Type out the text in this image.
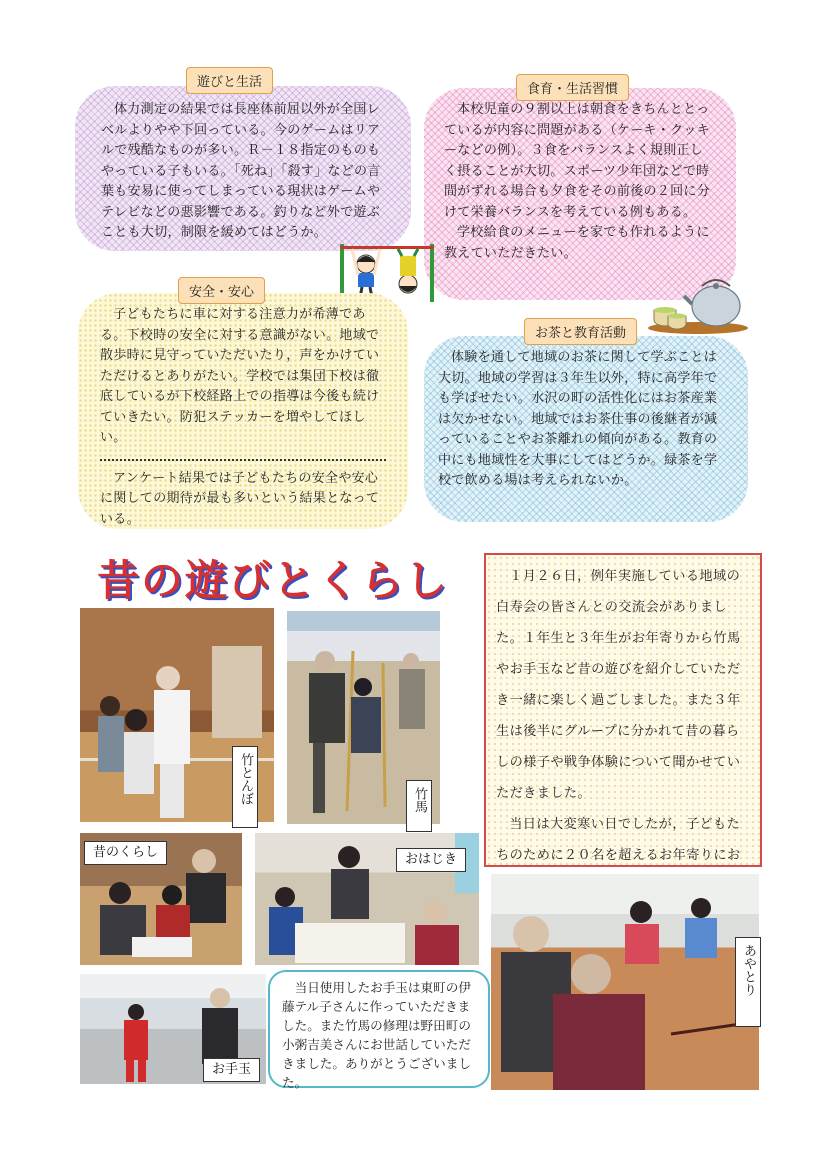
体力測定の結果では長座体前屈以外が全国レベルよりやや下回っている。今のゲームはリアルで残酷なものが多い。Ｒ－１８指定のものもやっている子もいる。「死ね」「殺す」などの言葉も安易に使ってしまっている現状はゲームやテレビなどの悪影響である。釣りなど外で遊ぶことも大切，制限を緩めてはどうか。

遊びと生活

本校児童の９割以上は朝食をきちんととっているが内容に問題がある（ケーキ・クッキーなどの例）。３食をバランスよく規則正しく摂ることが大切。スポーツ少年団などで時間がずれる場合も夕食をその前後の２回に分けて栄養バランスを考えている例もある。

学校給食のメニューを家でも作れるように教えていただきたい。

食育・生活習慣

子どもたちに車に対する注意力が希薄である。下校時の安全に対する意識がない。地域で散歩時に見守っていただいたり，声をかけていただけるとありがたい。学校では集団下校は徹底しているが下校経路上での指導は今後も続けていきたい。防犯ステッカーを増やしてほしい。

アンケート結果では子どもたちの安全や安心に関しての期待が最も多いという結果となっている。

安全・安心

体験を通して地域のお茶に関して学ぶことは大切。地域の学習は３年生以外，特に高学年でも学ばせたい。水沢の町の活性化にはお茶産業は欠かせない。地域ではお茶仕事の後継者が減っていることやお茶離れの傾向がある。教育の中にも地域性を大事にしてはどうか。緑茶を学校で飲める場は考えられないか。

お茶と教育活動
昔の遊びとくらし	１月２６日，例年実施している地域の白寿会の皆さんとの交流会がありました。１年生と３年生がお年寄りから竹馬やお手玉など昔の遊びを紹介していただき一緒に楽しく過ごしました。また３年生は後半にグループに分かれて昔の暮らしの様子や戦争体験について聞かせていただきました。

当日は大変寒い日でしたが，子どもたちのために２０名を超えるお年寄りにお

竹とんぼ	竹馬
昔のくらし	おはじき
お手玉

当日使用したお手玉は東町の伊藤テル子さんに作っていただきました。また竹馬の修理は野田町の小粥吉美さんにお世話していただきました。ありがとうございました。

あやとり
